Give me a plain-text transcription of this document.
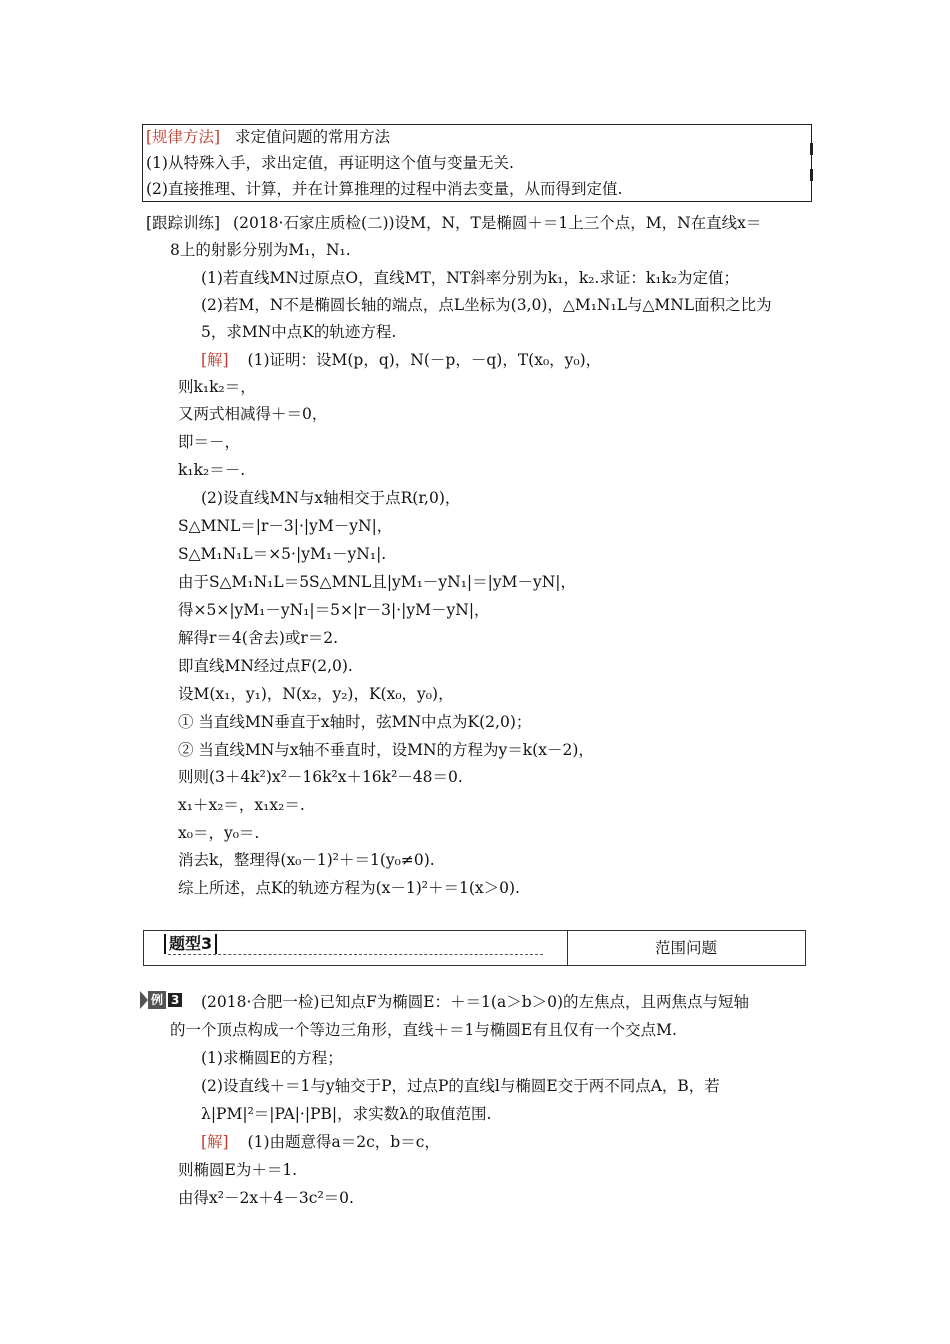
[规律方法] 求定值问题的常用方法
(1)从特殊入手，求出定值，再证明这个值与变量无关.
(2)直接推理、计算，并在计算推理的过程中消去变量，从而得到定值.
[跟踪训练] (2018·石家庄质检(二))设M，N，T是椭圆＋＝1上三个点，M，N在直线x＝
8上的射影分别为M₁，N₁.
(1)若直线MN过原点O，直线MT，NT斜率分别为k₁，k₂.求证：k₁k₂为定值；
(2)若M，N不是椭圆长轴的端点，点L坐标为(3,0)，△M₁N₁L与△MNL面积之比为
5，求MN中点K的轨迹方程.
[解] (1)证明：设M(p，q)，N(－p，－q)，T(x₀，y₀)，
则k₁k₂＝，
又两式相减得＋＝0，
即＝－，
k₁k₂＝－.
(2)设直线MN与x轴相交于点R(r,0)，
S△MNL＝|r－3|·|yM－yN|，
S△M₁N₁L＝×5·|yM₁－yN₁|.
由于S△M₁N₁L＝5S△MNL且|yM₁－yN₁|＝|yM－yN|，
得×5×|yM₁－yN₁|＝5×|r－3|·|yM－yN|，
解得r＝4(舍去)或r＝2.
即直线MN经过点F(2,0).
设M(x₁，y₁)，N(x₂，y₂)，K(x₀，y₀)，
① 当直线MN垂直于x轴时，弦MN中点为K(2,0)；
② 当直线MN与x轴不垂直时，设MN的方程为y＝k(x－2)，
则则(3＋4k²)x²－16k²x＋16k²－48＝0.
x₁＋x₂＝，x₁x₂＝.
x₀＝，y₀＝.
消去k，整理得(x₀－1)²＋＝1(y₀≠0).
综上所述，点K的轨迹方程为(x－1)²＋＝1(x＞0).
题型3	范围问题
例 3 (2018·合肥一检)已知点F为椭圆E：＋＝1(a＞b＞0)的左焦点，且两焦点与短轴
的一个顶点构成一个等边三角形，直线＋＝1与椭圆E有且仅有一个交点M.
(1)求椭圆E的方程；
(2)设直线＋＝1与y轴交于P，过点P的直线l与椭圆E交于两不同点A，B，若
λ|PM|²＝|PA|·|PB|，求实数λ的取值范围.
[解] (1)由题意得a＝2c，b＝c，
则椭圆E为＋＝1.
由得x²－2x＋4－3c²＝0.
